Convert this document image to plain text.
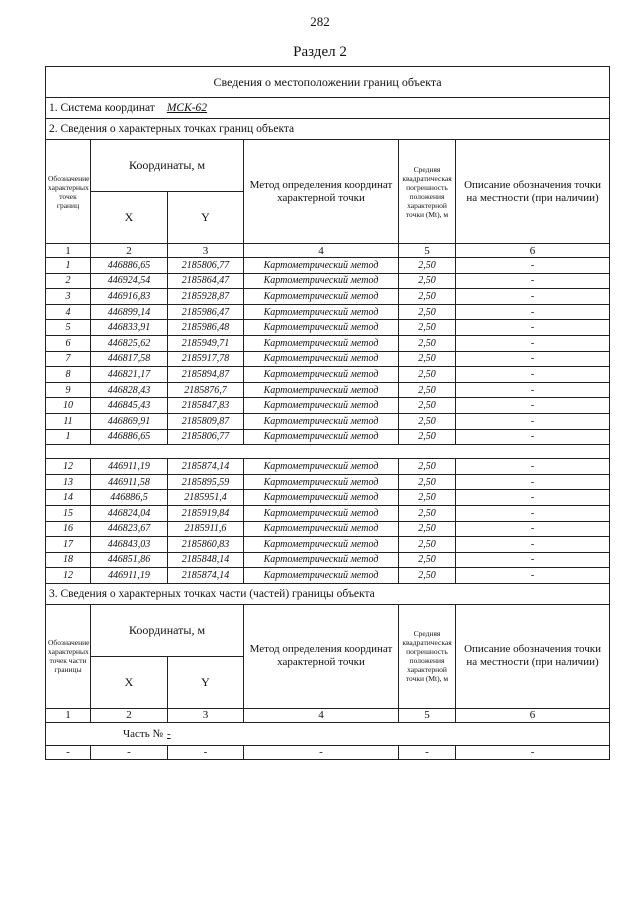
282
Раздел 2
Сведения о местоположении границ объекта					
1. Система координат МСК-62					
2. Сведения о характерных точках границ объекта					
Обозначение характерных точек границ	Координаты, м		Метод определения координат характерной точки	Средняя квадратическая погрешность положения характерной точки (Mt), м	Описание обозначения точки на местности (при наличии)
	X	Y			
1	2	3	4	5	6
1	446886,65	2185806,77	Картометрический метод	2,50	-
2	446924,54	2185864,47	Картометрический метод	2,50	-
3	446916,83	2185928,87	Картометрический метод	2,50	-
4	446899,14	2185986,47	Картометрический метод	2,50	-
5	446833,91	2185986,48	Картометрический метод	2,50	-
6	446825,62	2185949,71	Картометрический метод	2,50	-
7	446817,58	2185917,78	Картометрический метод	2,50	-
8	446821,17	2185894,87	Картометрический метод	2,50	-
9	446828,43	2185876,7	Картометрический метод	2,50	-
10	446845,43	2185847,83	Картометрический метод	2,50	-
11	446869,91	2185809,87	Картометрический метод	2,50	-
1	446886,65	2185806,77	Картометрический метод	2,50	-

12	446911,19	2185874,14	Картометрический метод	2,50	-
13	446911,58	2185895,59	Картометрический метод	2,50	-
14	446886,5	2185951,4	Картометрический метод	2,50	-
15	446824,04	2185919,84	Картометрический метод	2,50	-
16	446823,67	2185911,6	Картометрический метод	2,50	-
17	446843,03	2185860,83	Картометрический метод	2,50	-
18	446851,86	2185848,14	Картометрический метод	2,50	-
12	446911,19	2185874,14	Картометрический метод	2,50	-
3. Сведения о характерных точках части (частей) границы объекта					
Обозначение характерных точек части границы	Координаты, м		Метод определения координат характерной точки	Средняя квадратическая погрешность положения характерной точки (Mt), м	Описание обозначения точки на местности (при наличии)
	X	Y			
1	2	3	4	5	6
Часть № -					
-	-	-	-	-	-
